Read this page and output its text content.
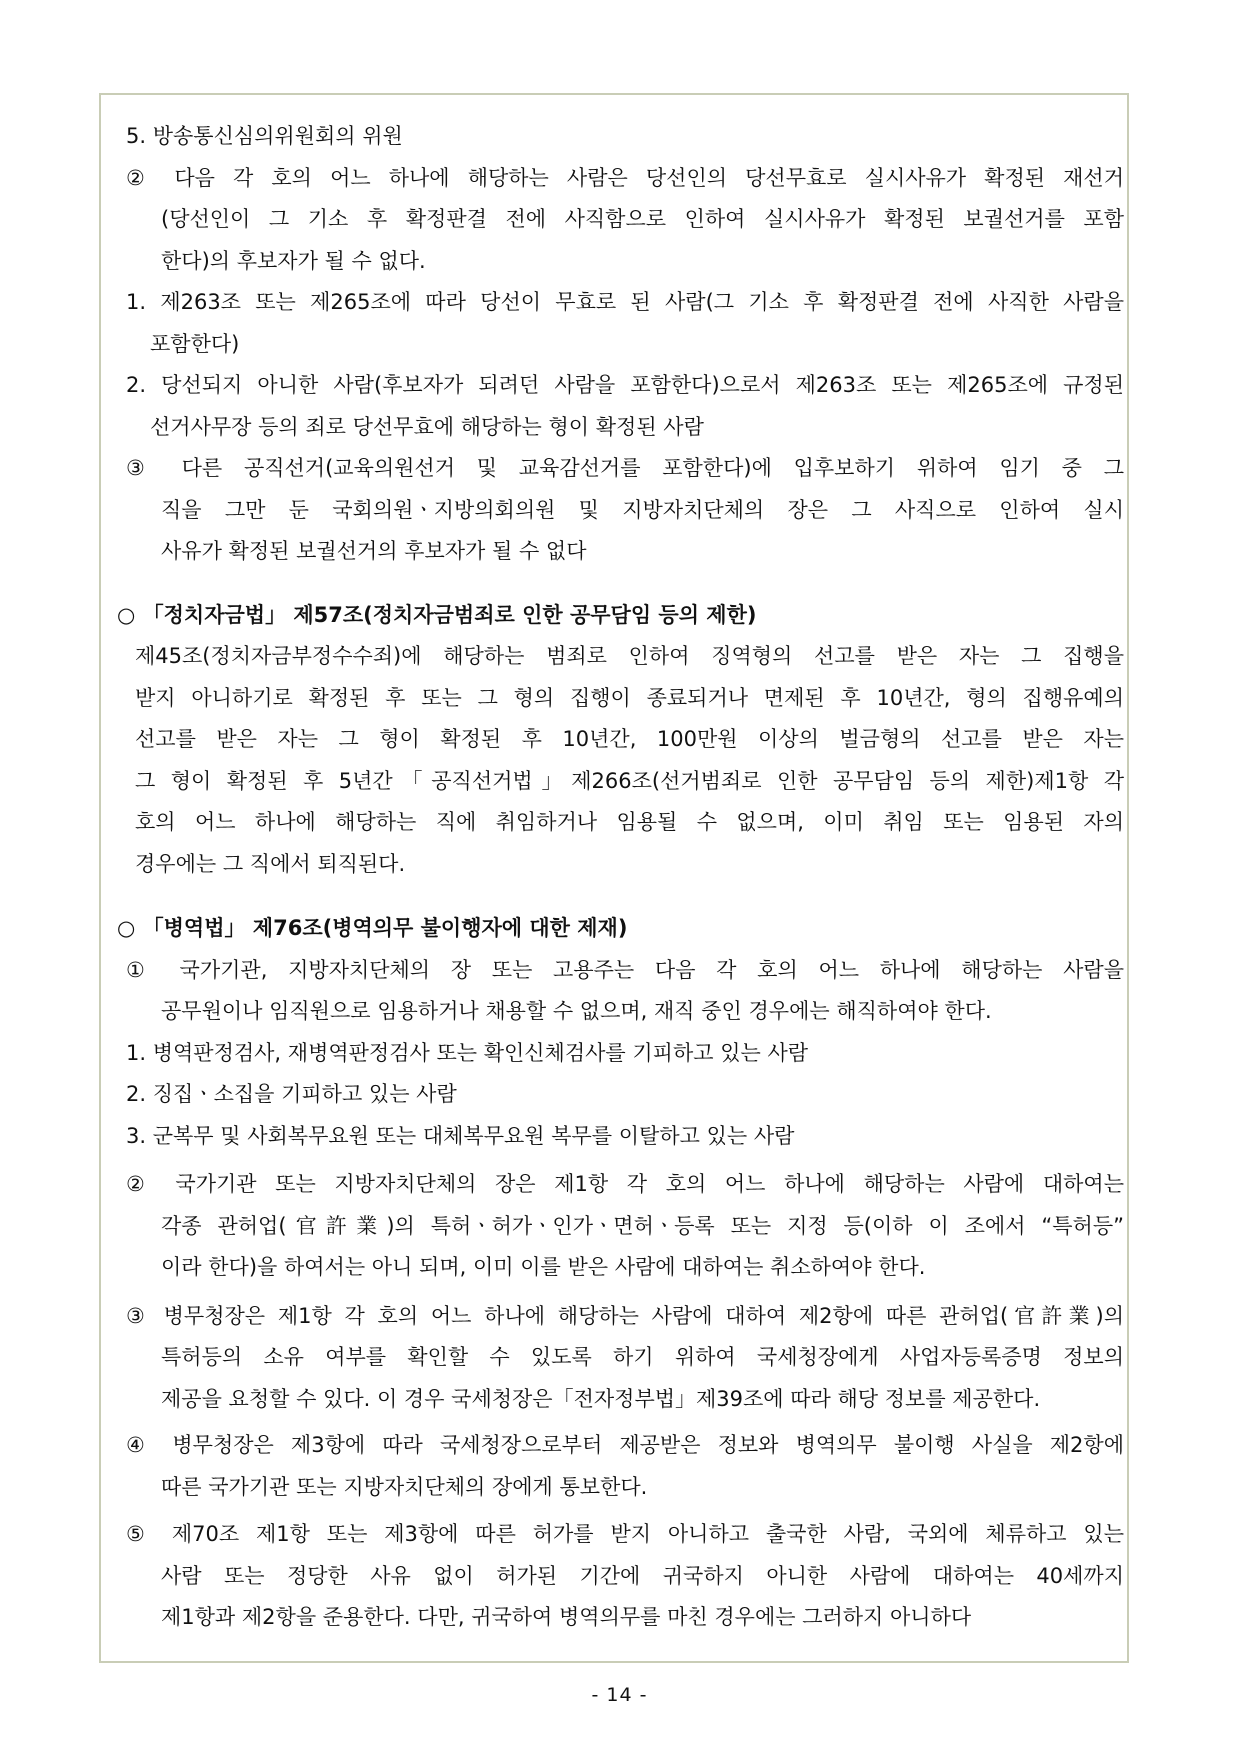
5. 방송통신심의위원회의 위원
② 다음 각 호의 어느 하나에 해당하는 사람은 당선인의 당선무효로 실시사유가 확정된 재선거
(당선인이 그 기소 후 확정판결 전에 사직함으로 인하여 실시사유가 확정된 보궐선거를 포함
한다)의 후보자가 될 수 없다.
1. 제263조 또는 제265조에 따라 당선이 무효로 된 사람(그 기소 후 확정판결 전에 사직한 사람을
포함한다)
2. 당선되지 아니한 사람(후보자가 되려던 사람을 포함한다)으로서 제263조 또는 제265조에 규정된
선거사무장 등의 죄로 당선무효에 해당하는 형이 확정된 사람
③ 다른 공직선거(교육의원선거 및 교육감선거를 포함한다)에 입후보하기 위하여 임기 중 그
직을 그만 둔 국회의원ㆍ지방의회의원 및 지방자치단체의 장은 그 사직으로 인하여 실시
사유가 확정된 보궐선거의 후보자가 될 수 없다
○ 「정치자금법」 제57조(정치자금범죄로 인한 공무담임 등의 제한)
제45조(정치자금부정수수죄)에 해당하는 범죄로 인하여 징역형의 선고를 받은 자는 그 집행을
받지 아니하기로 확정된 후 또는 그 형의 집행이 종료되거나 면제된 후 10년간, 형의 집행유예의
선고를 받은 자는 그 형이 확정된 후 10년간, 100만원 이상의 벌금형의 선고를 받은 자는
그 형이 확정된 후 5년간「공직선거법」제266조(선거범죄로 인한 공무담임 등의 제한)제1항 각
호의 어느 하나에 해당하는 직에 취임하거나 임용될 수 없으며, 이미 취임 또는 임용된 자의
경우에는 그 직에서 퇴직된다.
○ 「병역법」 제76조(병역의무 불이행자에 대한 제재)
① 국가기관, 지방자치단체의 장 또는 고용주는 다음 각 호의 어느 하나에 해당하는 사람을
공무원이나 임직원으로 임용하거나 채용할 수 없으며, 재직 중인 경우에는 해직하여야 한다.
1. 병역판정검사, 재병역판정검사 또는 확인신체검사를 기피하고 있는 사람
2. 징집ㆍ소집을 기피하고 있는 사람
3. 군복무 및 사회복무요원 또는 대체복무요원 복무를 이탈하고 있는 사람
② 국가기관 또는 지방자치단체의 장은 제1항 각 호의 어느 하나에 해당하는 사람에 대하여는
각종 관허업(官許業)의 특허ㆍ허가ㆍ인가ㆍ면허ㆍ등록 또는 지정 등(이하 이 조에서 “특허등”
이라 한다)을 하여서는 아니 되며, 이미 이를 받은 사람에 대하여는 취소하여야 한다.
③ 병무청장은 제1항 각 호의 어느 하나에 해당하는 사람에 대하여 제2항에 따른 관허업(官許業)의
특허등의 소유 여부를 확인할 수 있도록 하기 위하여 국세청장에게 사업자등록증명 정보의
제공을 요청할 수 있다. 이 경우 국세청장은「전자정부법」제39조에 따라 해당 정보를 제공한다.
④ 병무청장은 제3항에 따라 국세청장으로부터 제공받은 정보와 병역의무 불이행 사실을 제2항에
따른 국가기관 또는 지방자치단체의 장에게 통보한다.
⑤ 제70조 제1항 또는 제3항에 따른 허가를 받지 아니하고 출국한 사람, 국외에 체류하고 있는
사람 또는 정당한 사유 없이 허가된 기간에 귀국하지 아니한 사람에 대하여는 40세까지
제1항과 제2항을 준용한다. 다만, 귀국하여 병역의무를 마친 경우에는 그러하지 아니하다
- 14 -
